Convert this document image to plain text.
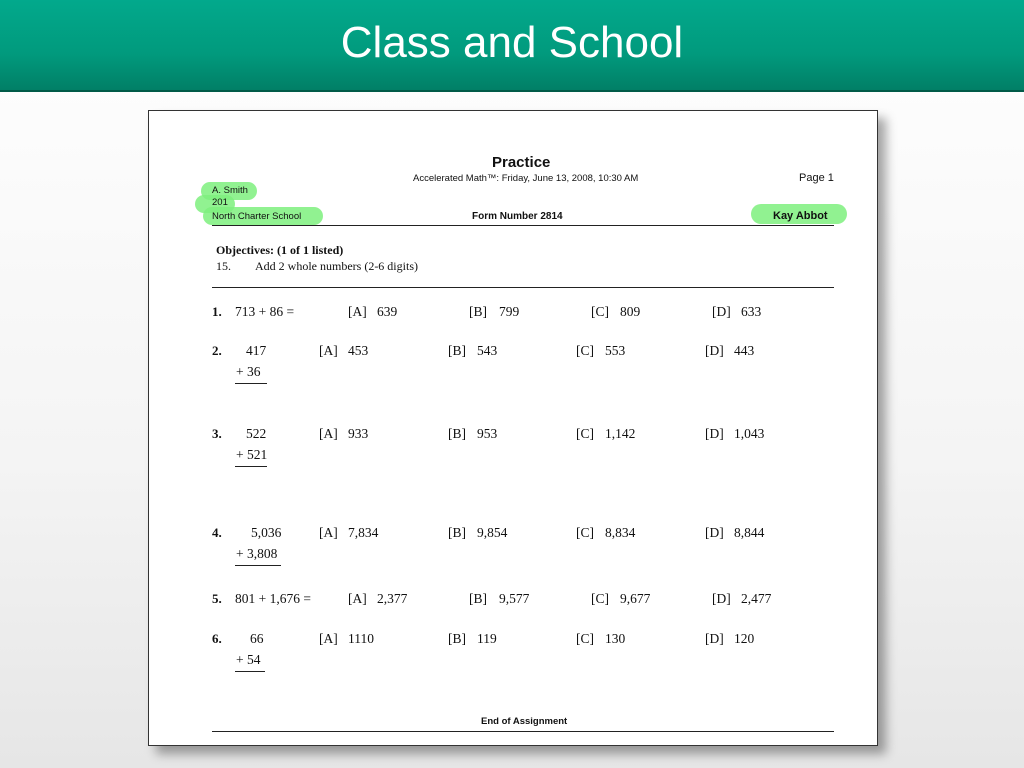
Class and School
Practice
Accelerated Math™: Friday, June 13, 2008, 10:30 AM	Page 1
A. Smith
201
North Charter School	Form Number 2814	Kay Abbot
Objectives: (1 of 1 listed)
15. Add 2 whole numbers (2-6 digits)
1. 713 + 86 =	[A] 639	[B] 799	[C] 809	[D] 633
2. 417
+ 36
[A] 453	[B] 543	[C] 553	[D] 443
3. 522
+ 521
[A] 933	[B] 953	[C] 1,142	[D] 1,043
4. 5,036
+ 3,808
[A] 7,834	[B] 9,854	[C] 8,834	[D] 8,844
5. 801 + 1,676 =	[A] 2,377	[B] 9,577	[C] 9,677	[D] 2,477
6. 66
+ 54
[A] 1110	[B] 119	[C] 130	[D] 120
End of Assignment
